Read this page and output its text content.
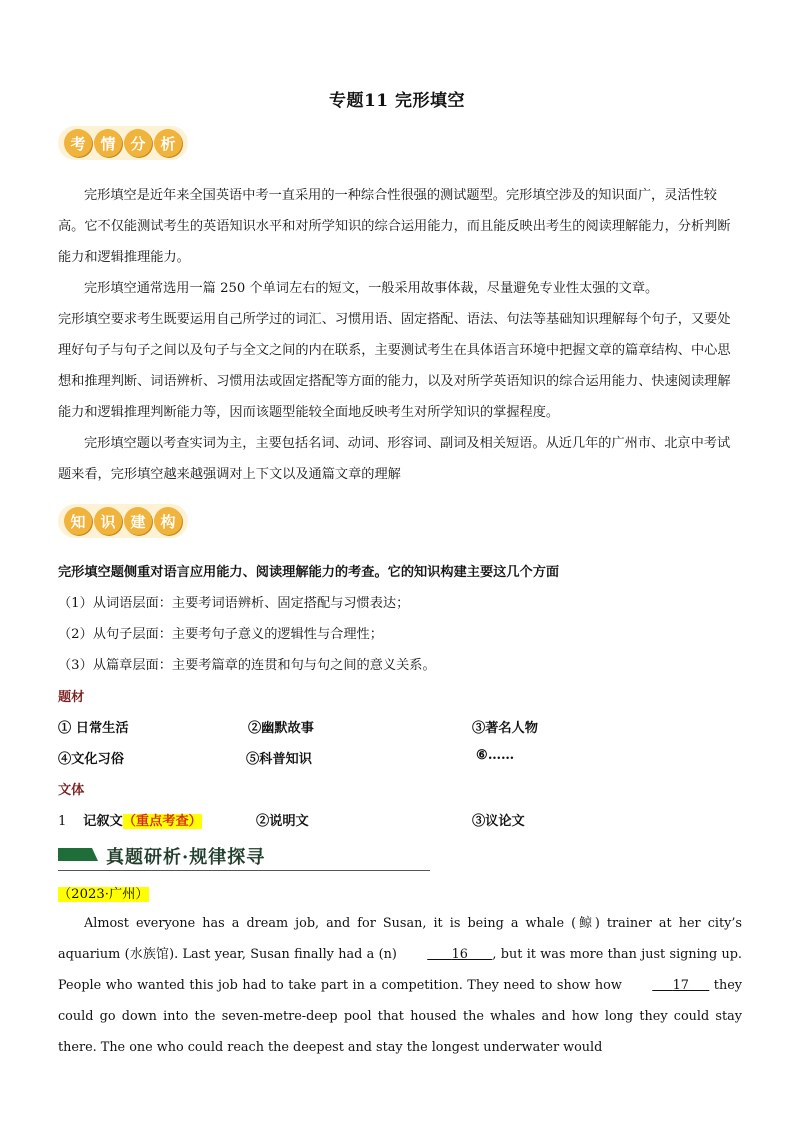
专题11 完形填空
考 情 分 析

完形填空是近年来全国英语中考一直采用的一种综合性很强的测试题型。完形填空涉及的知识面广，灵活性较高。它不仅能测试考生的英语知识水平和对所学知识的综合运用能力，而且能反映出考生的阅读理解能力，分析判断能力和逻辑推理能力。

完形填空通常选用一篇 250 个单词左右的短文，一般采用故事体裁，尽量避免专业性太强的文章。

完形填空要求考生既要运用自己所学过的词汇、习惯用语、固定搭配、语法、句法等基础知识理解每个句子，又要处理好句子与句子之间以及句子与全文之间的内在联系，主要测试考生在具体语言环境中把握文章的篇章结构、中心思想和推理判断、词语辨析、习惯用法或固定搭配等方面的能力，以及对所学英语知识的综合运用能力、快速阅读理解能力和逻辑推理判断能力等，因而该题型能较全面地反映考生对所学知识的掌握程度。

完形填空题以考查实词为主，主要包括名词、动词、形容词、副词及相关短语。从近几年的广州市、北京中考试题来看，完形填空越来越强调对上下文以及通篇文章的理解

知 识 建 构
完形填空题侧重对语言应用能力、阅读理解能力的考查。它的知识构建主要这几个方面
（1）从词语层面：主要考词语辨析、固定搭配与习惯表达；
（2）从句子层面：主要考句子意义的逻辑性与合理性；
（3）从篇章层面：主要考篇章的连贯和句与句之间的意义关系。
题材
① 日常生活	②幽默故事	③著名人物
④文化习俗	⑤科普知识	⑥……
文体
1 记叙文（重点考查）	②说明文	③议论文
真题研析·规律探寻
（2023·广州）

Almost everyone has a dream job, and for Susan, it is being a whale (鲸) trainer at her city’s aquarium (水族馆). Last year, Susan finally had a (n)	16 , but it was more than just signing up. People who wanted this job had to take part in a competition. They need to show how	17      they could go down into the seven-metre-deep pool that housed the whales and how long they could stay there. The one who could reach the deepest and stay the longest underwater would
